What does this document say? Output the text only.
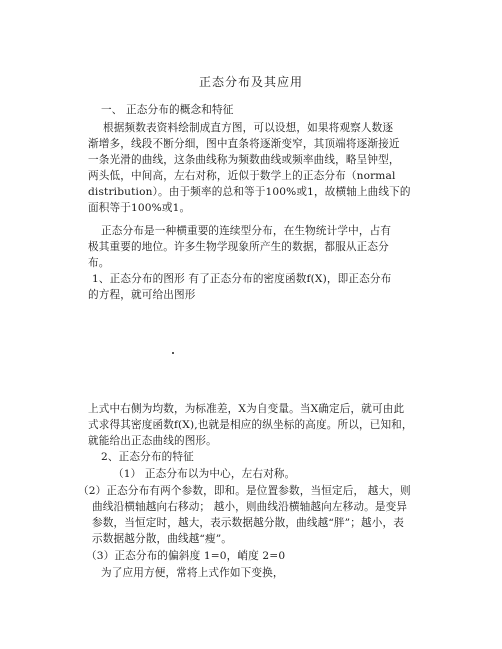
正态分布及其应用
一、 正态分布的概念和特征
根据频数表资料绘制成直方图，可以设想，如果将观察人数逐
渐增多，线段不断分细，图中直条将逐渐变窄，其顶端将逐渐接近
一条光滑的曲线，这条曲线称为频数曲线或频率曲线，略呈钟型，
两头低，中间高，左右对称，近似于数学上的正态分布（normal
distribution）。由于频率的总和等于100%或1，故横轴上曲线下的
面积等于100%或1。
正态分布是一种横重要的连续型分布，在生物统计学中，占有
极其重要的地位。许多生物学现象所产生的数据，都服从正态分
布。
1、正态分布的图形 有了正态分布的密度函数f(X)，即正态分布
的方程，就可给出图形
上式中右侧为均数，为标准差，X为自变量。当X确定后，就可由此
式求得其密度函数f(X),也就是相应的纵坐标的高度。所以，已知和，
就能给出正态曲线的图形。
2、正态分布的特征
（1） 正态分布以为中心，左右对称。
（2）正态分布有两个参数，即和。是位置参数，当恒定后， 越大，则
曲线沿横轴越向右移动； 越小，则曲线沿横轴越向左移动。是变异
参数，当恒定时，越大，表示数据越分散，曲线越“胖”；越小，表
示数据越分散，曲线越“瘦”。
（3）正态分布的偏斜度 1=0，峭度 2=0
为了应用方便，常将上式作如下变换，
